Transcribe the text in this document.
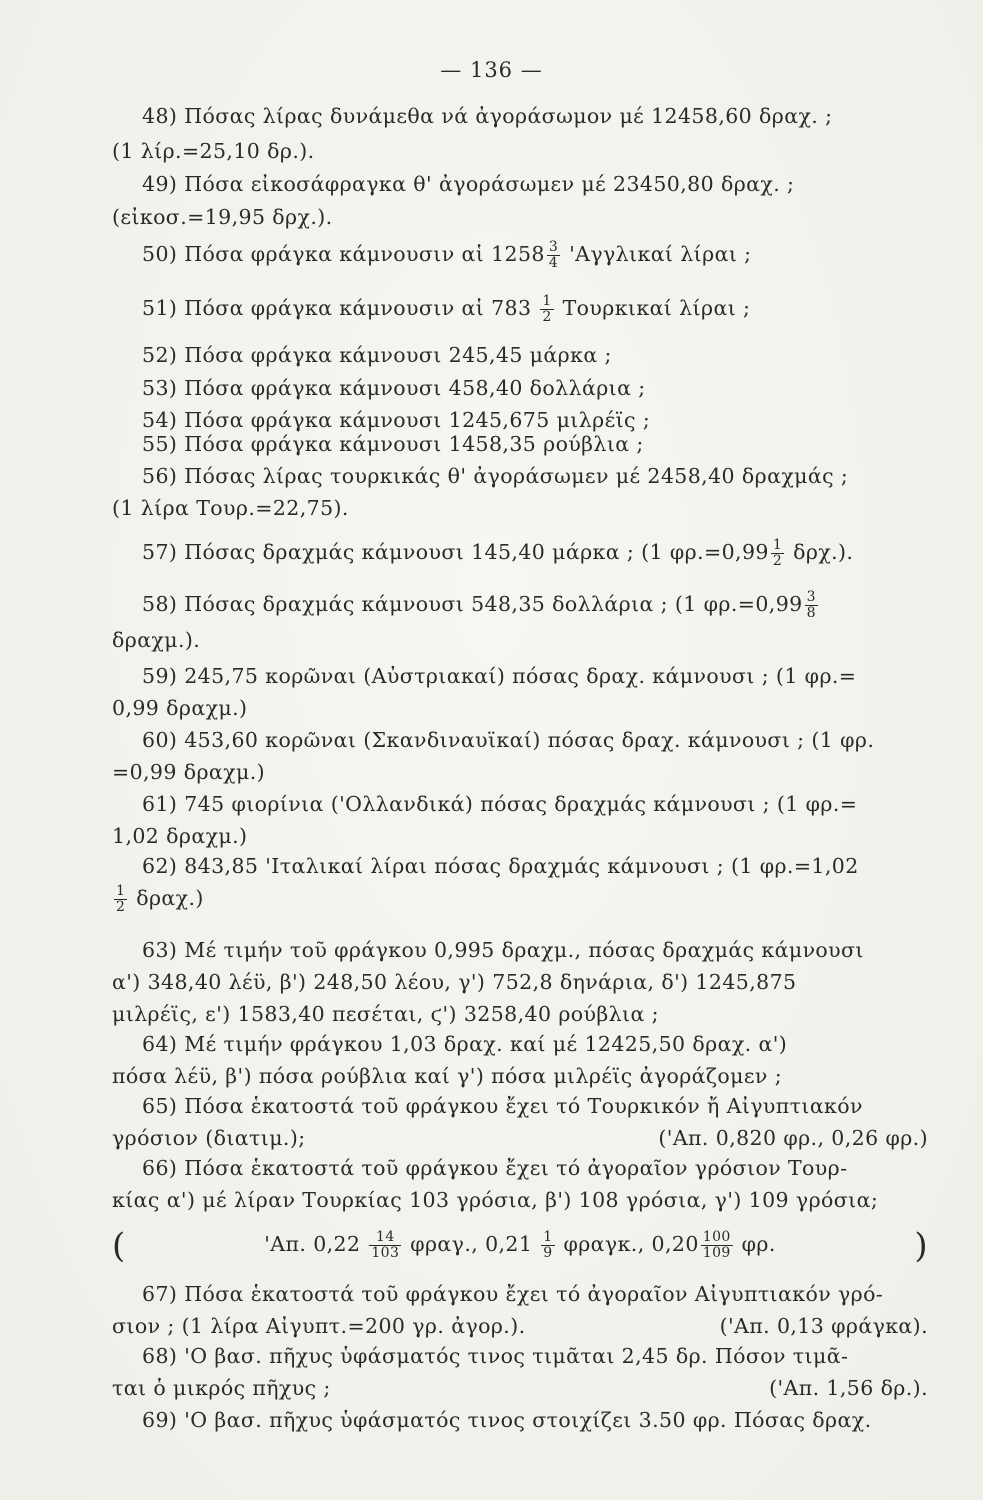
— 136 —
48) Πόσας λίρας δυνάμεθα νά ἀγοράσωμον μέ 12458,60 δραχ. ;
(1 λίρ.=25,10 δρ.).
49) Πόσα εἰκοσάφραγκα θ' ἀγοράσωμεν μέ 23450,80 δραχ. ;
(εἰκοσ.=19,95 δρχ.).
50) Πόσα φράγκα κάμνουσιν αἱ $1258 \frac{3}{4}$ 'Αγγλικαί λίραι ;
51) Πόσα φράγκα κάμνουσιν αἱ $783 \frac{1}{2}$ Τουρκικαί λίραι ;
52) Πόσα φράγκα κάμνουσι 245,45 μάρκα ;
53) Πόσα φράγκα κάμνουσι 458,40 δολλάρια ;
54) Πόσα φράγκα κάμνουσι 1245,675 μιλρέϊς ;
55) Πόσα φράγκα κάμνουσι 1458,35 ρούβλια ;
56) Πόσας λίρας τουρκικάς θ' ἀγοράσωμεν μέ 2458,40 δραχμάς ;
(1 λίρα Τουρ.=22,75).
57) Πόσας δραχμάς κάμνουσι 145,40 μάρκα ; (1 $\varphi\rho.=0,99 \frac{1}{2} \delta\rho\chi$.).
58) Πόσας δραχμάς κάμνουσι 548,35 δολλάρια ; (1 $\varphi\rho.=0,99 \frac{3}{8}$
δραχμ.).
59) 245,75 κορῶναι (Αὐστριακαί) πόσας δραχ. κάμνουσι ; (1 φρ.=
0,99 δραχμ.)
60) 453,60 κορῶναι (Σκανδιναυϊκαί) πόσας δραχ. κάμνουσι ; (1 φρ.
=0,99 δραχμ.)
61) 745 φιορίνια ('Ολλανδικά) πόσας δραχμάς κάμνουσι ; (1 φρ.=
1,02 δραχμ.)
62) 843,85 'Ιταλικαί λίραι πόσας δραχμάς κάμνουσι ; (1 φρ.=1,02
$\frac{1}{2} \delta\rho\alpha\chi$.)
63) Μέ τιμήν τοῦ φράγκου 0,995 δραχμ., πόσας δραχμάς κάμνουσι
α') 348,40 λέϋ, β') 248,50 λέου, γ') 752,8 δηνάρια, δ') 1245,875
μιλρέϊς, ε') 1583,40 πεσέται, ϛ') 3258,40 ρούβλια ;
64) Μέ τιμήν φράγκου 1,03 δραχ. καί μέ 12425,50 δραχ. α')
πόσα λέϋ, β') πόσα ρούβλια καί γ') πόσα μιλρέϊς ἀγοράζομεν ;
65) Πόσα ἑκατοστά τοῦ φράγκου ἔχει τό Τουρκικόν ἤ Αἰγυπτιακόν
γρόσιον (διατιμ.);	('Απ. 0,820 φρ., 0,26 φρ.)
66) Πόσα ἑκατοστά τοῦ φράγκου ἔχει τό ἀγοραῖον γρόσιον Τουρ-
κίας α') μέ λίραν Τουρκίας 103 γρόσια, β') 108 γρόσια, γ') 109 γρόσια;
(	'Απ. $0,22 \frac{14}{103} \varphi\rho\alpha\gamma$., $0,21 \frac{1}{9} \varphi\rho\alpha\gamma\kappa$., $0,20 \frac{100}{109} \varphi\rho$.	)
67) Πόσα ἑκατοστά τοῦ φράγκου ἔχει τό ἀγοραῖον Αἰγυπτιακόν γρό-
σιον ; (1 λίρα Αἰγυπτ.=200 γρ. ἀγορ.).	('Απ. 0,13 φράγκα).
68) 'Ο βασ. πῆχυς ὑφάσματός τινος τιμᾶται 2,45 δρ. Πόσον τιμᾶ-
ται ὁ μικρός πῆχυς ;	('Απ. 1,56 δρ.).
69) 'Ο βασ. πῆχυς ὑφάσματός τινος στοιχίζει 3.50 φρ. Πόσας δραχ.
